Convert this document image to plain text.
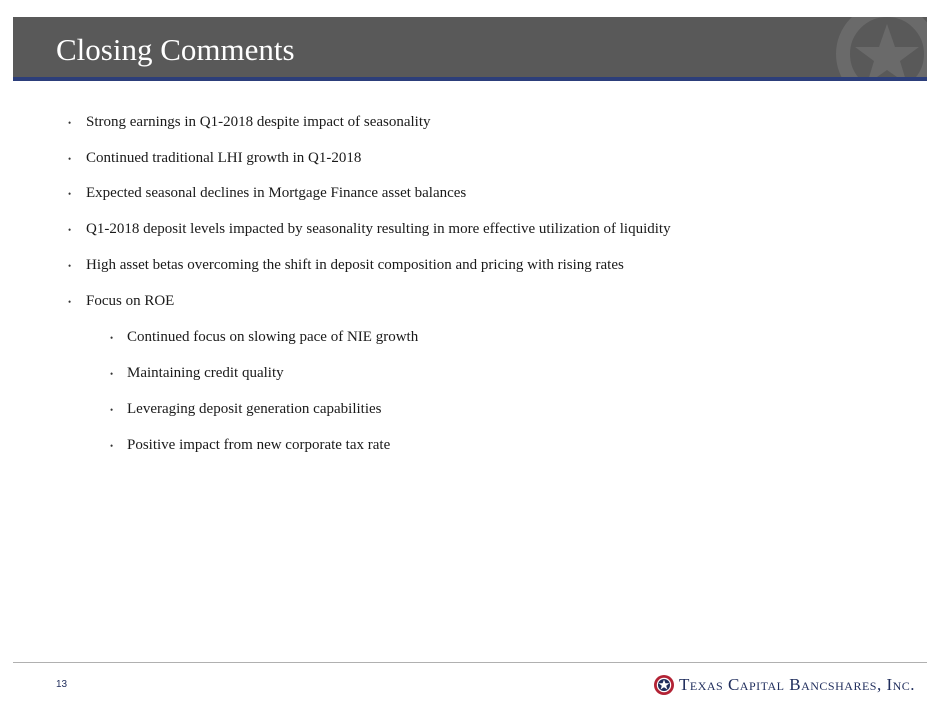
Closing Comments
• Strong earnings in Q1-2018 despite impact of seasonality
• Continued traditional LHI growth in Q1-2018
• Expected seasonal declines in Mortgage Finance asset balances
• Q1-2018 deposit levels impacted by seasonality resulting in more effective utilization of liquidity
• High asset betas overcoming the shift in deposit composition and pricing with rising rates
• Focus on ROE
• Continued focus on slowing pace of NIE growth
• Maintaining credit quality
• Leveraging deposit generation capabilities
• Positive impact from new corporate tax rate
13	Texas Capital Bancshares, Inc.
